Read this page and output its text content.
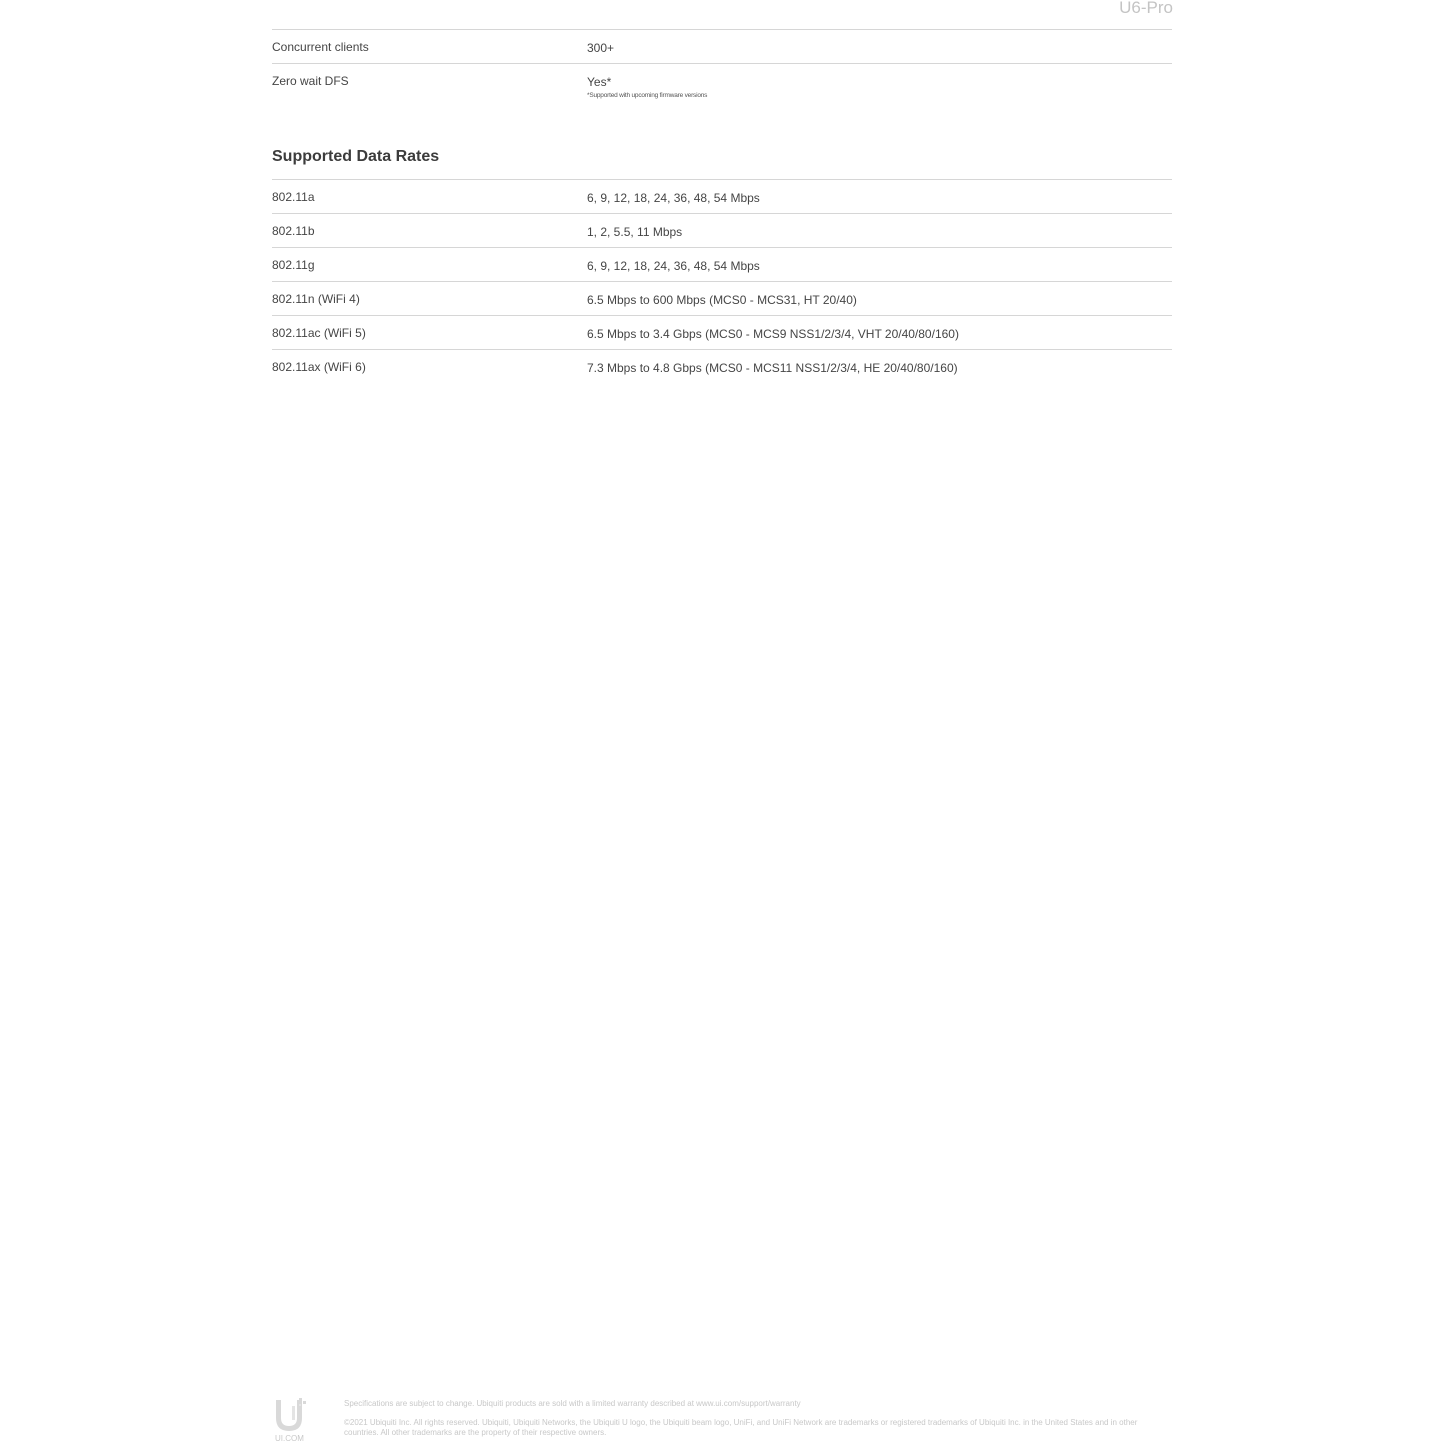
U6-Pro
Concurrent clients	300+
Zero wait DFS	Yes*
*Supported with upcoming firmware versions
Supported Data Rates
802.11a	6, 9, 12, 18, 24, 36, 48, 54 Mbps
802.11b	1, 2, 5.5, 11 Mbps
802.11g	6, 9, 12, 18, 24, 36, 48, 54 Mbps
802.11n (WiFi 4)	6.5 Mbps to 600 Mbps (MCS0 - MCS31, HT 20/40)
802.11ac (WiFi 5)	6.5 Mbps to 3.4 Gbps (MCS0 - MCS9 NSS1/2/3/4, VHT 20/40/80/160)
802.11ax (WiFi 6)	7.3 Mbps to 4.8 Gbps (MCS0 - MCS11 NSS1/2/3/4, HE 20/40/80/160)
UI.COM
Specifications are subject to change. Ubiquiti products are sold with a limited warranty described at www.ui.com/support/warranty
©2021 Ubiquiti Inc. All rights reserved. Ubiquiti, Ubiquiti Networks, the Ubiquiti U logo, the Ubiquiti beam logo, UniFi, and UniFi Network are trademarks or registered trademarks of Ubiquiti Inc. in the United States and in other countries. All other trademarks are the property of their respective owners.
